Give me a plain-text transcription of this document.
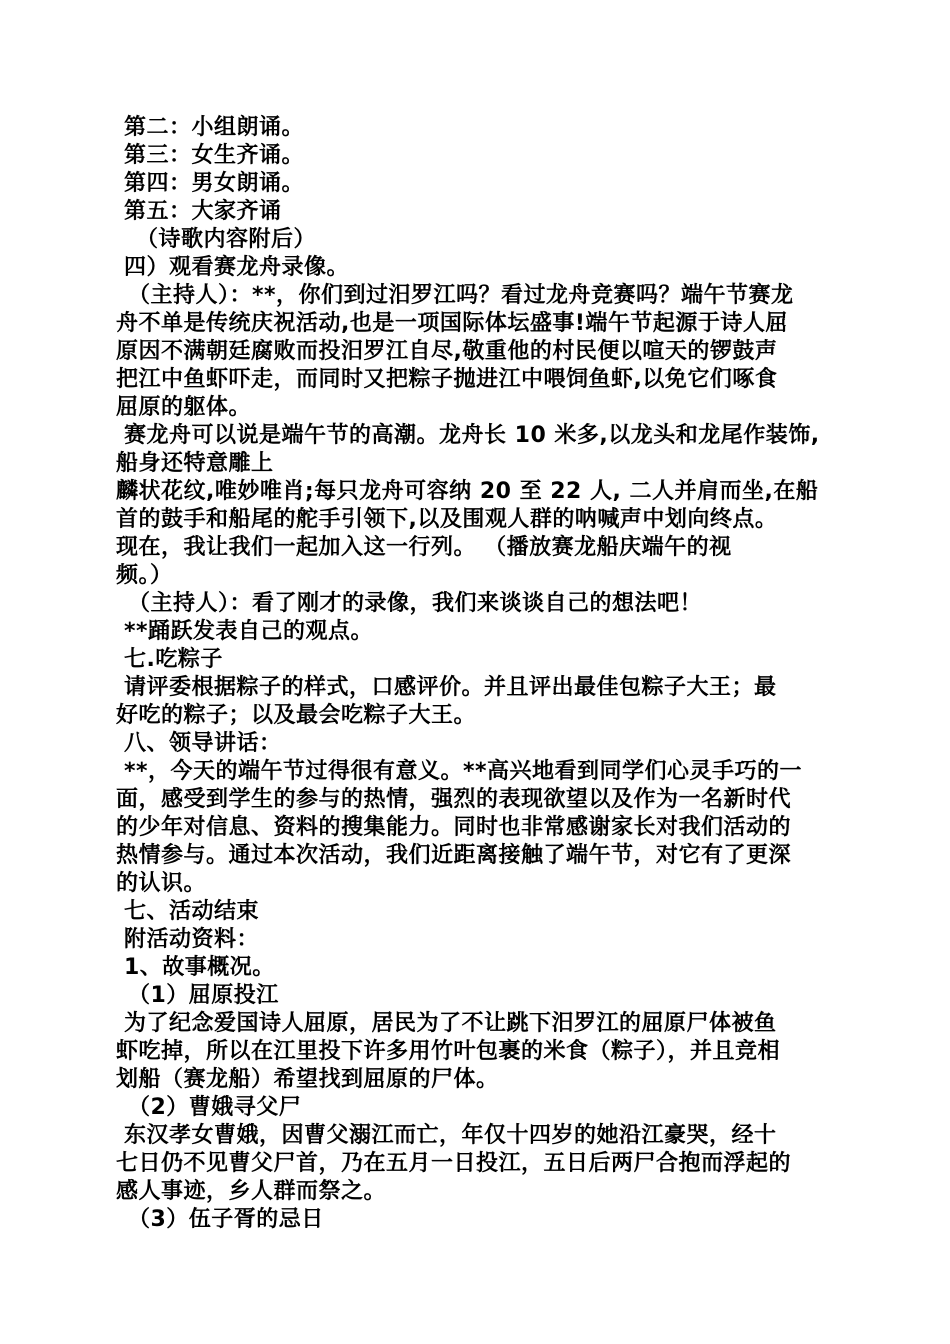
第二：小组朗诵。

第三：女生齐诵。

第四：男女朗诵。

第五：大家齐诵

（诗歌内容附后）

四）观看赛龙舟录像。

（主持人）：**，你们到过汨罗江吗？看过龙舟竞赛吗？端午节赛龙

舟不单是传统庆祝活动,也是一项国际体坛盛事!端午节起源于诗人屈

原因不满朝廷腐败而投汨罗江自尽,敬重他的村民便以喧天的锣鼓声

把江中鱼虾吓走，而同时又把粽子抛进江中喂饲鱼虾,以免它们啄食

屈原的躯体。

赛龙舟可以说是端午节的高潮。龙舟长 10 米多,以龙头和龙尾作装饰,

船身还特意雕上

麟状花纹,唯妙唯肖;每只龙舟可容纳 20 至 22 人, 二人并肩而坐,在船

首的鼓手和船尾的舵手引领下,以及围观人群的呐喊声中划向终点。

现在，我让我们一起加入这一行列。 （播放赛龙船庆端午的视

频。）

（主持人）：看了刚才的录像，我们来谈谈自己的想法吧！

**踊跃发表自己的观点。

七.吃粽子

请评委根据粽子的样式，口感评价。并且评出最佳包粽子大王；最

好吃的粽子；以及最会吃粽子大王。

八、领导讲话：

**，今天的端午节过得很有意义。**高兴地看到同学们心灵手巧的一

面，感受到学生的参与的热情，强烈的表现欲望以及作为一名新时代

的少年对信息、资料的搜集能力。同时也非常感谢家长对我们活动的

热情参与。通过本次活动，我们近距离接触了端午节，对它有了更深

的认识。

七、活动结束

附活动资料：

1、故事概况。

（1）屈原投江

为了纪念爱国诗人屈原，居民为了不让跳下汨罗江的屈原尸体被鱼

虾吃掉，所以在江里投下许多用竹叶包裹的米食（粽子），并且竞相

划船（赛龙船）希望找到屈原的尸体。

（2）曹娥寻父尸

东汉孝女曹娥，因曹父溺江而亡，年仅十四岁的她沿江豪哭，经十

七日仍不见曹父尸首，乃在五月一日投江，五日后两尸合抱而浮起的

感人事迹，乡人群而祭之。

（3）伍子胥的忌日
